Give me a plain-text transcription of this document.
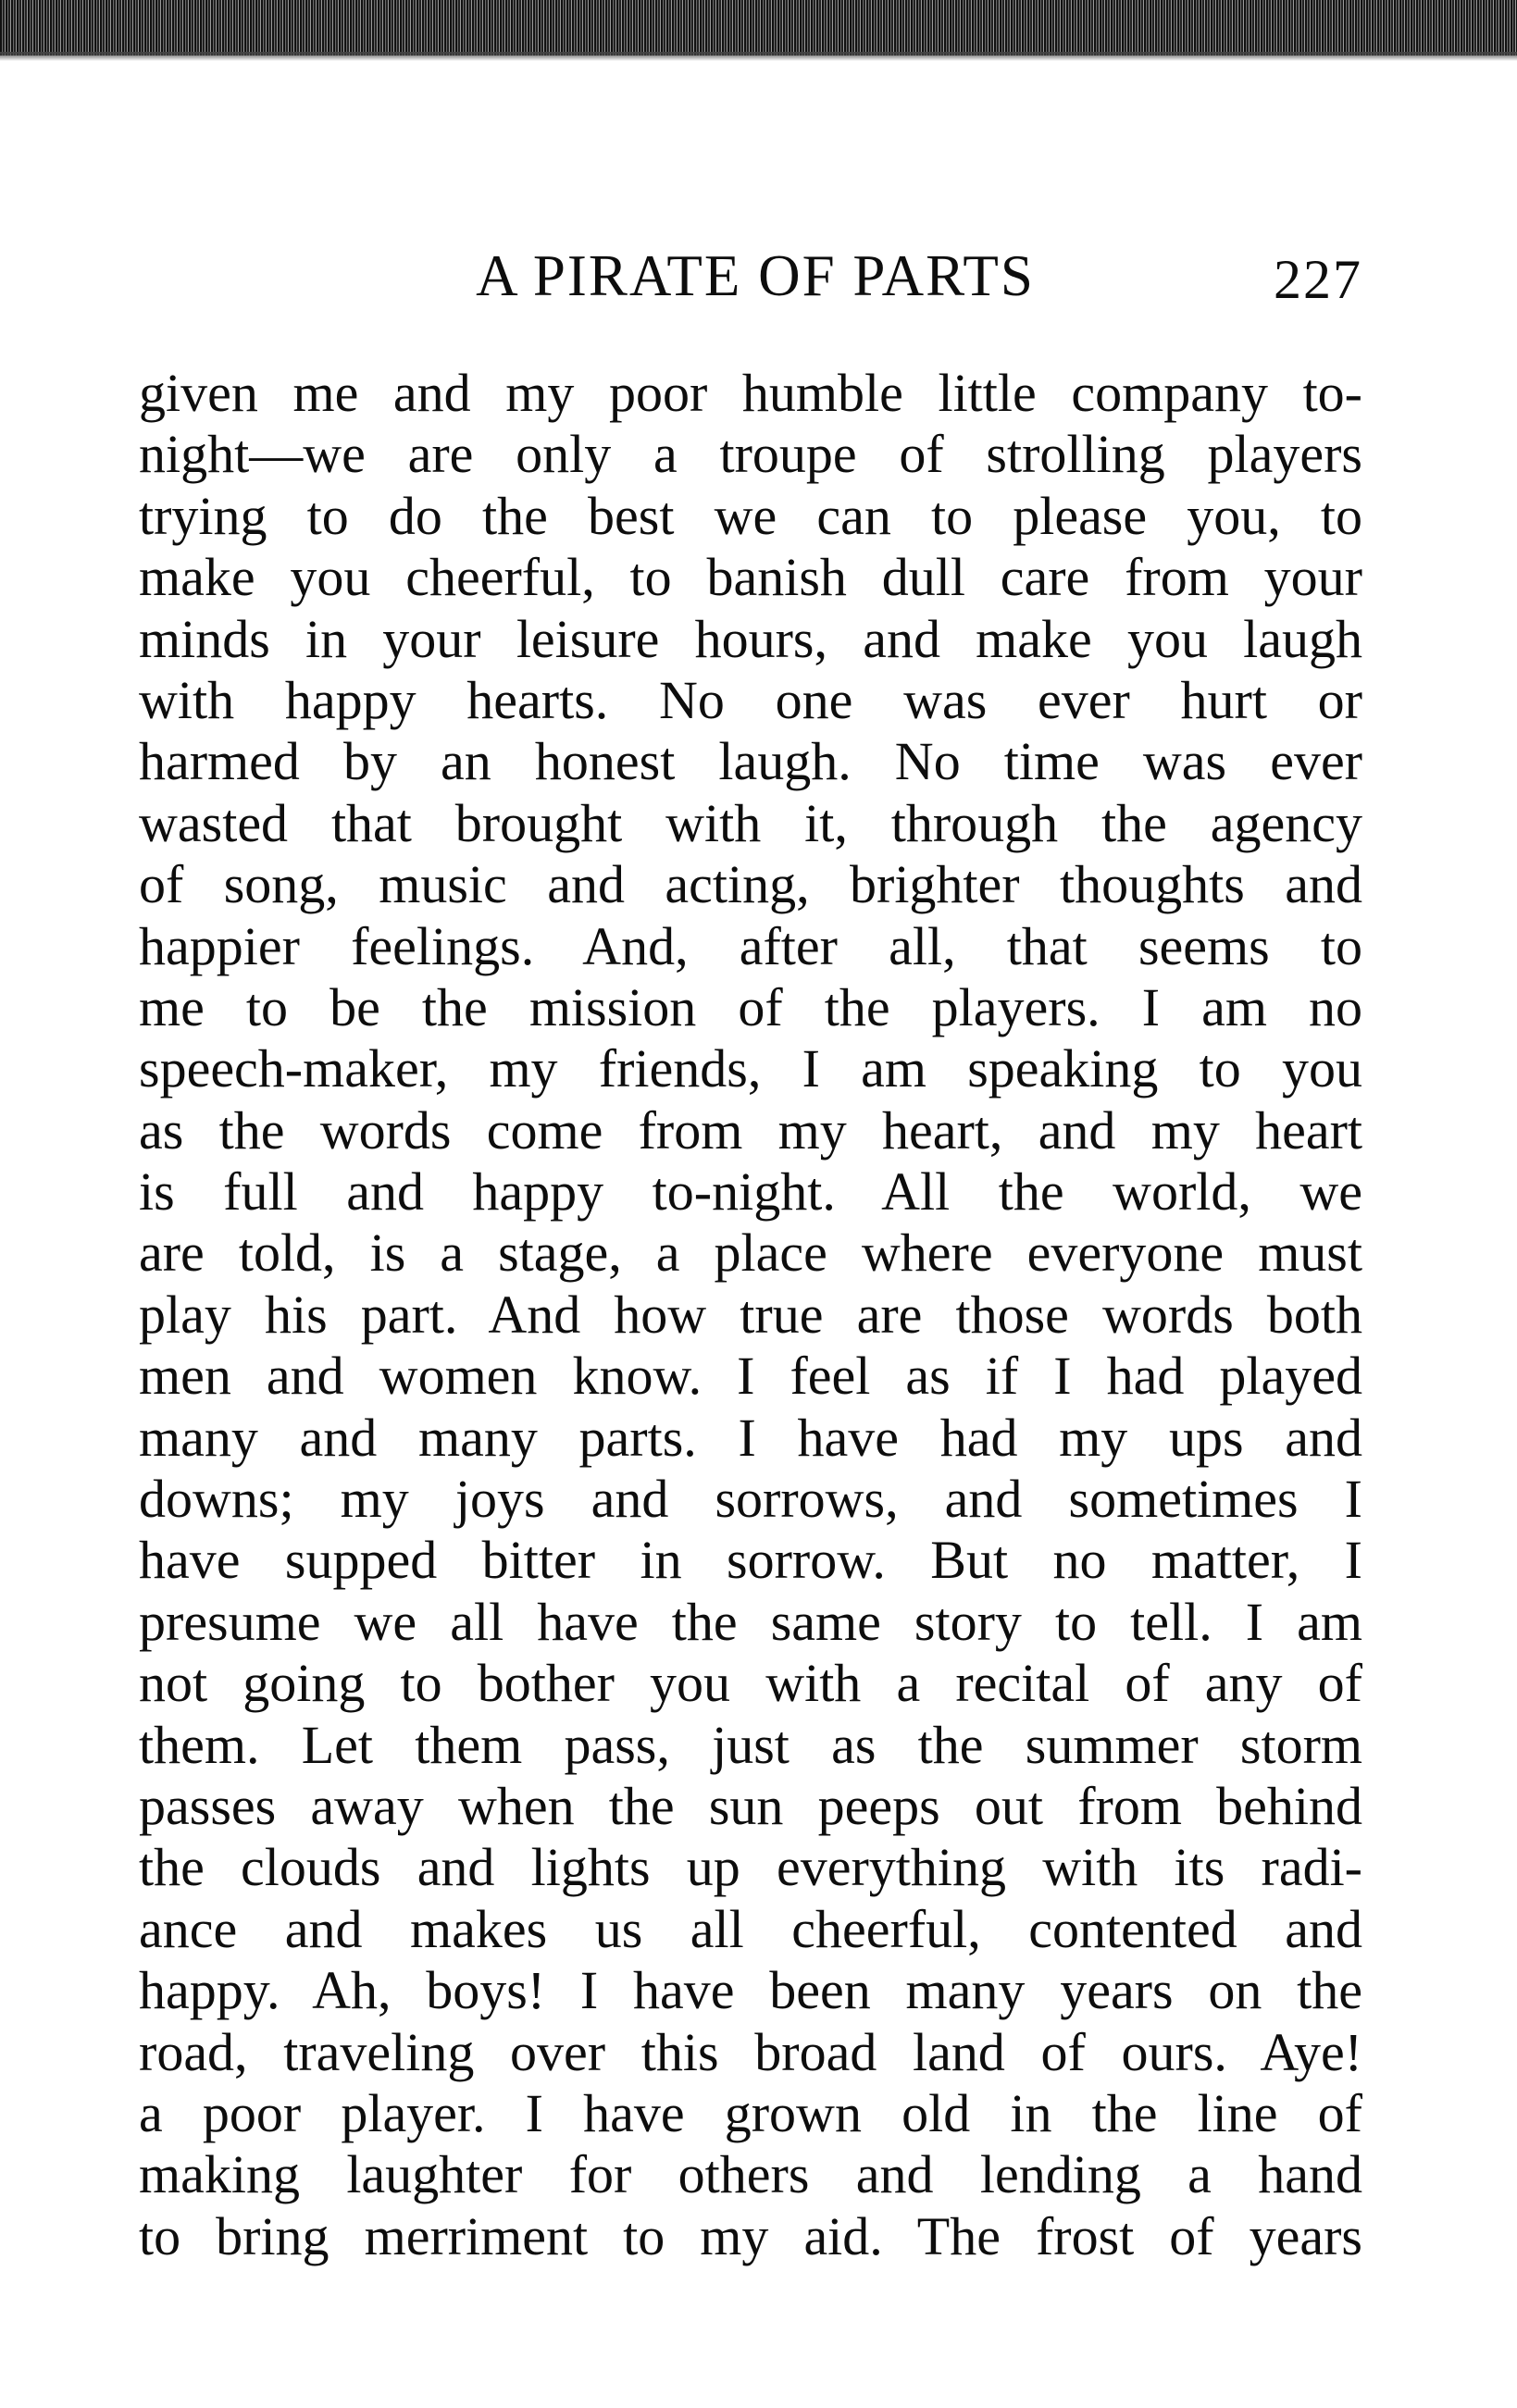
A PIRATE OF PARTS	227
given me and my poor humble little company to-
night—we are only a troupe of strolling players
trying to do the best we can to please you, to
make you cheerful, to banish dull care from your
minds in your leisure hours, and make you laugh
with happy hearts. No one was ever hurt or
harmed by an honest laugh. No time was ever
wasted that brought with it, through the agency
of song, music and acting, brighter thoughts and
happier feelings. And, after all, that seems to
me to be the mission of the players. I am no
speech-maker, my friends, I am speaking to you
as the words come from my heart, and my heart
is full and happy to-night. All the world, we
are told, is a stage, a place where everyone must
play his part. And how true are those words both
men and women know. I feel as if I had played
many and many parts. I have had my ups and
downs; my joys and sorrows, and sometimes I
have supped bitter in sorrow. But no matter, I
presume we all have the same story to tell. I am
not going to bother you with a recital of any of
them. Let them pass, just as the summer storm
passes away when the sun peeps out from behind
the clouds and lights up everything with its radi-
ance and makes us all cheerful, contented and
happy. Ah, boys! I have been many years on the
road, traveling over this broad land of ours. Aye!
a poor player. I have grown old in the line of
making laughter for others and lending a hand
to bring merriment to my aid. The frost of years
